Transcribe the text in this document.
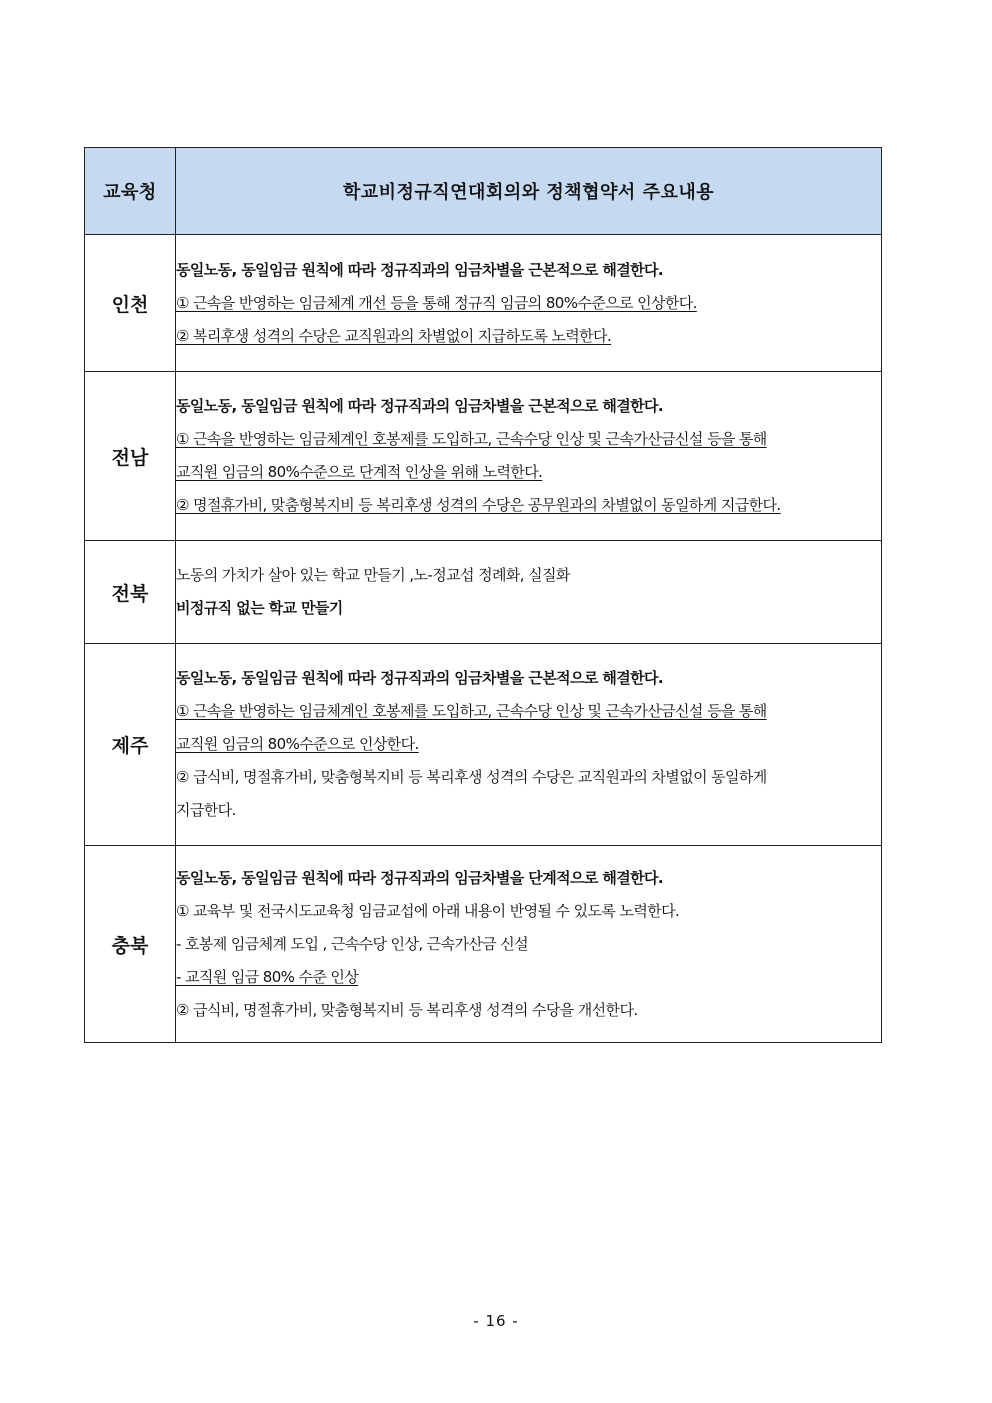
교육청	학교비정규직연대회의와 정책협약서 주요내용
인천	동일노동, 동일임금 원칙에 따라 정규직과의 임금차별을 근본적으로 해결한다.
① 근속을 반영하는 임금체계 개선 등을 통해 정규직 임금의 80%수준으로 인상한다.
② 복리후생 성격의 수당은 교직원과의 차별없이 지급하도록 노력한다.

전남	동일노동, 동일임금 원칙에 따라 정규직과의 임금차별을 근본적으로 해결한다.
① 근속을 반영하는 임금체계인 호봉제를 도입하고, 근속수당 인상 및 근속가산금신설 등을 통해
교직원 임금의 80%수준으로 단계적 인상을 위해 노력한다.
② 명절휴가비, 맞춤형복지비 등 복리후생 성격의 수당은 공무원과의 차별없이 동일하게 지급한다.

전북	노동의 가치가 살아 있는 학교 만들기 ,노-정교섭 정례화, 실질화
비정규직 없는 학교 만들기

제주	동일노동, 동일임금 원칙에 따라 정규직과의 임금차별을 근본적으로 해결한다.
① 근속을 반영하는 임금체계인 호봉제를 도입하고, 근속수당 인상 및 근속가산금신설 등을 통해
교직원 임금의 80%수준으로 인상한다.
② 급식비, 명절휴가비, 맞춤형복지비 등 복리후생 성격의 수당은 교직원과의 차별없이 동일하게
지급한다.

충북	동일노동, 동일임금 원칙에 따라 정규직과의 임금차별을 단계적으로 해결한다.
① 교육부 및 전국시도교육청 임금교섭에 아래 내용이 반영될 수 있도록 노력한다.
- 호봉제 임금체계 도입 , 근속수당 인상, 근속가산금 신설
- 교직원 임금 80% 수준 인상
② 급식비, 명절휴가비, 맞춤형복지비 등 복리후생 성격의 수당을 개선한다.
- 16 -
